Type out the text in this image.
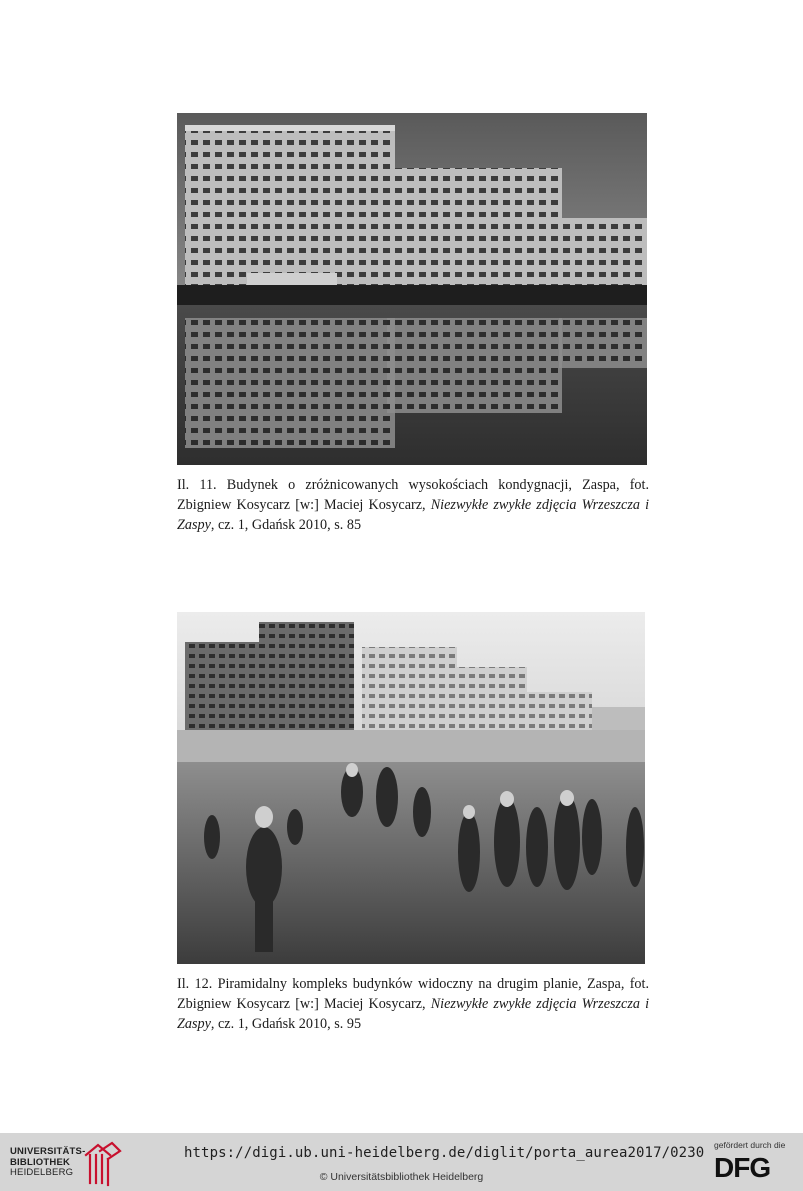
Il. 11. Budynek o zróżnicowanych wysokościach kondygnacji, Zaspa, fot. Zbigniew Kosycarz [w:] Maciej Kosycarz, Niezwykłe zwykłe zdjęcia Wrzeszcza i Zaspy, cz. 1, Gdańsk 2010, s. 85
Il. 12. Piramidalny kompleks budynków widoczny na drugim planie, Zaspa, fot. Zbigniew Kosycarz [w:] Maciej Kosycarz, Niezwykłe zwykłe zdjęcia Wrzeszcza i Zaspy, cz. 1, Gdańsk 2010, s. 95
UNIVERSITÄTS-
BIBLIOTHEK
HEIDELBERG
https://digi.ub.uni-heidelberg.de/diglit/porta_aurea2017/0230
© Universitätsbibliothek Heidelberg
gefördert durch die
DFG
